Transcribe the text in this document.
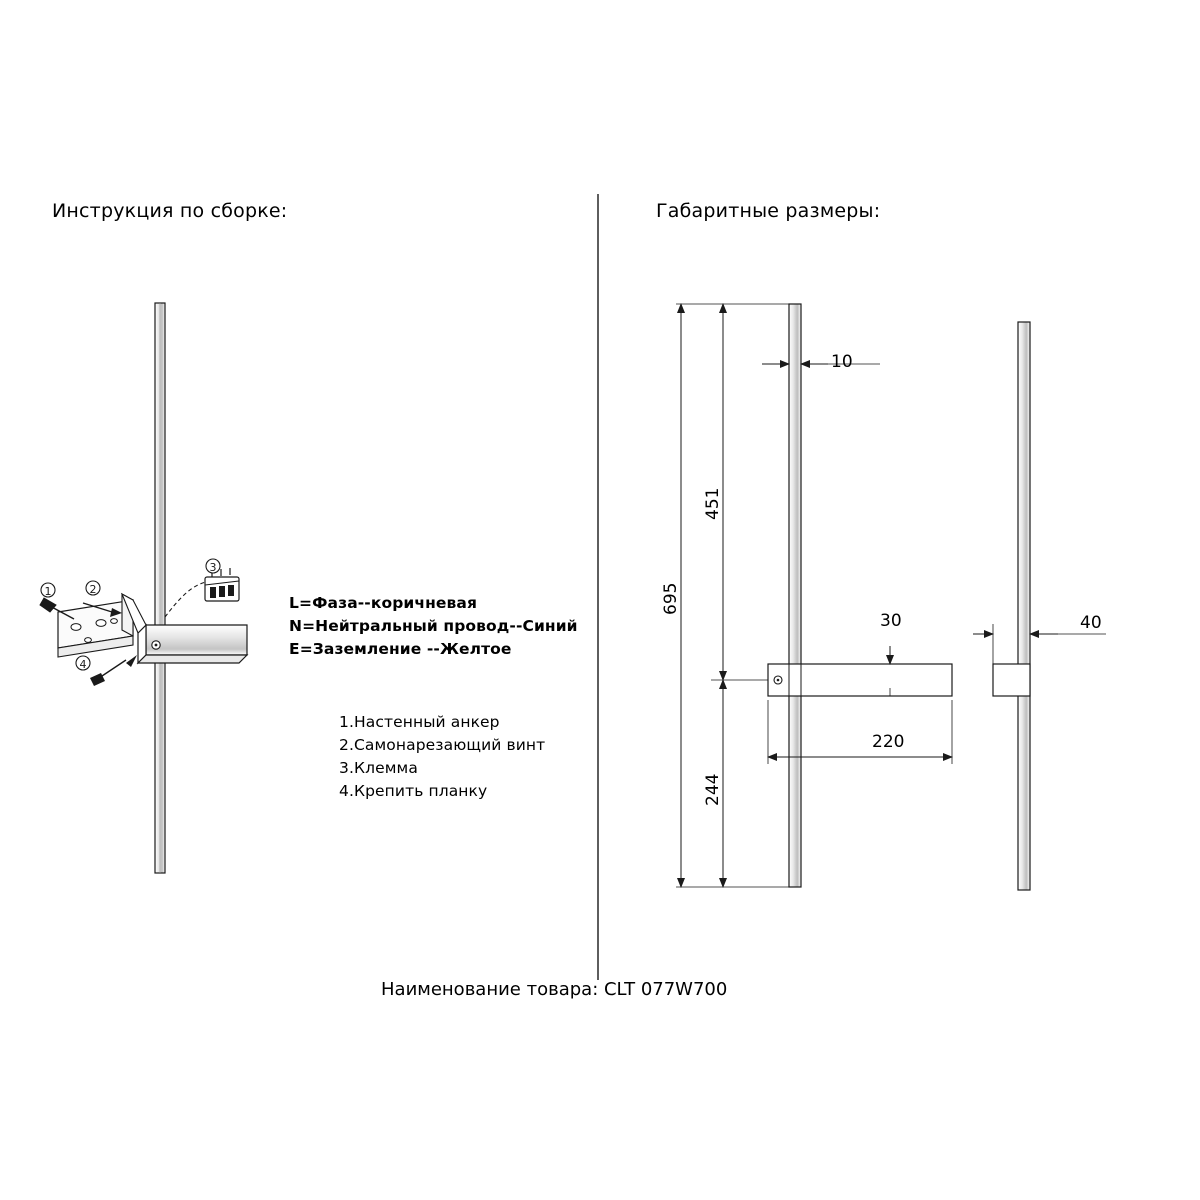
1	2
4
3
Инструкция по сборке:	Габаритные размеры:
L=Фаза--коричневая
N=Нейтральный провод--Синий
E=Заземление --Желтое
1.Настенный анкер
2.Самонарезающий винт
3.Клемма
4.Крепить планку
10
451
695
244
30
220
40
Наименование товара: CLT 077W700
